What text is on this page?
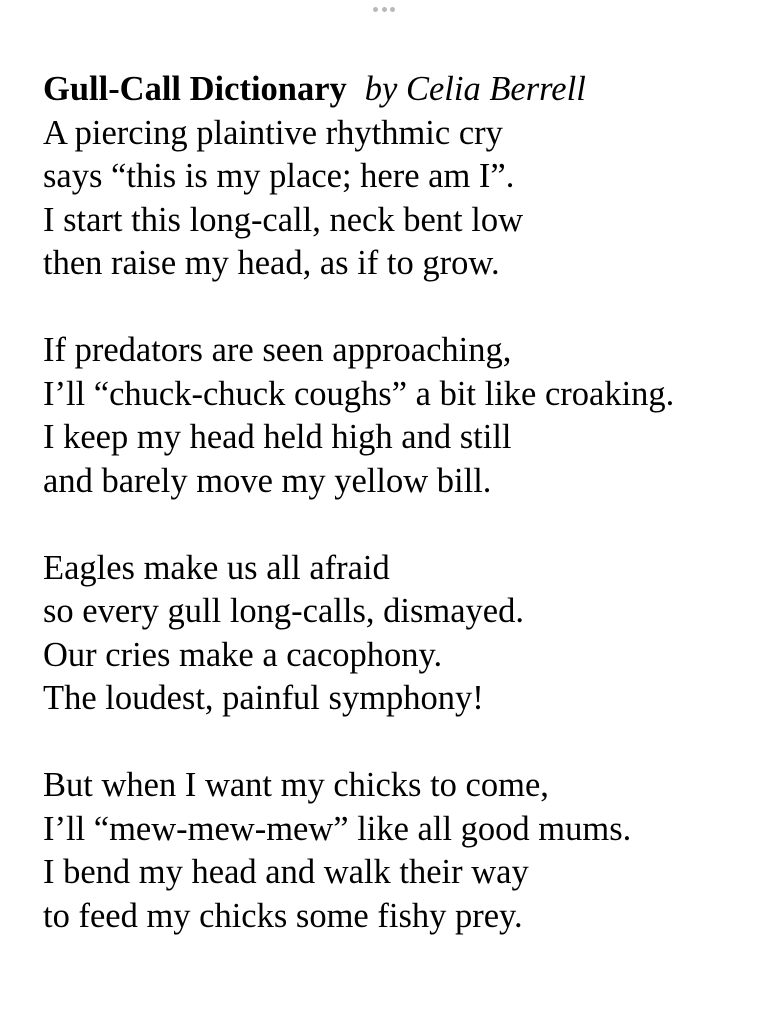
Gull-Call Dictionary by Celia Berrell
A piercing plaintive rhythmic cry
says “this is my place; here am I”.
I start this long-call, neck bent low
then raise my head, as if to grow.
If predators are seen approaching,
I’ll “chuck-chuck coughs” a bit like croaking.
I keep my head held high and still
and barely move my yellow bill.
Eagles make us all afraid
so every gull long-calls, dismayed.
Our cries make a cacophony.
The loudest, painful symphony!
But when I want my chicks to come,
I’ll “mew-mew-mew” like all good mums.
I bend my head and walk their way
to feed my chicks some fishy prey.
